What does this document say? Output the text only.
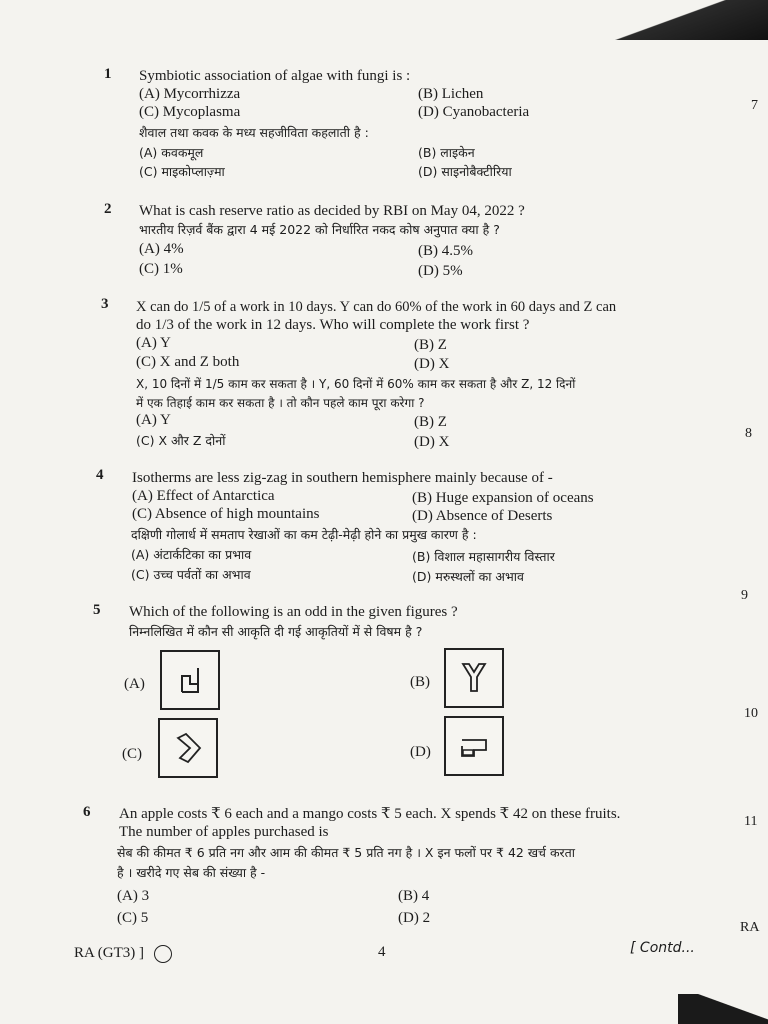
1 Symbiotic association of algae with fungi is :
(A) Mycorrhizza	(B) Lichen
(C) Mycoplasma	(D) Cyanobacteria
शैवाल तथा कवक के मध्य सहजीविता कहलाती है :
(A) कवकमूल	(B) लाइकेन
(C) माइकोप्लाज़्मा	(D) साइनोबैक्टीरिया
2 What is cash reserve ratio as decided by RBI on May 04, 2022 ?
भारतीय रिज़र्व बैंक द्वारा 4 मई 2022 को निर्धारित नकद कोष अनुपात क्या है ?
(A) 4%	(B) 4.5%
(C) 1%	(D) 5%
3 X can do 1/5 of a work in 10 days. Y can do 60% of the work in 60 days and Z can
do 1/3 of the work in 12 days. Who will complete the work first ?
(A) Y	(B) Z
(C) X and Z both	(D) X
X, 10 दिनों में 1/5 काम कर सकता है । Y, 60 दिनों में 60% काम कर सकता है और Z, 12 दिनों
में एक तिहाई काम कर सकता है । तो कौन पहले काम पूरा करेगा ?
(A) Y	(B) Z
(C) X और Z दोनों	(D) X
4 Isotherms are less zig-zag in southern hemisphere mainly because of -
(A) Effect of Antarctica	(B) Huge expansion of oceans
(C) Absence of high mountains	(D) Absence of Deserts
दक्षिणी गोलार्ध में समताप रेखाओं का कम टेढ़ी-मेढ़ी होने का प्रमुख कारण है :
(A) अंटार्कटिका का प्रभाव	(B) विशाल महासागरीय विस्तार
(C) उच्च पर्वतों का अभाव	(D) मरुस्थलों का अभाव
5 Which of the following is an odd in the given figures ?
निम्नलिखित में कौन सी आकृति दी गई आकृतियों में से विषम है ?
(A)	(B)
(C)	(D)
6 An apple costs ₹ 6 each and a mango costs ₹ 5 each. X spends ₹ 42 on these fruits.
The number of apples purchased is
सेब की कीमत ₹ 6 प्रति नग और आम की कीमत ₹ 5 प्रति नग है । X इन फलों पर ₹ 42 खर्च करता
है । खरीदे गए सेब की संख्या है -
(A) 3	(B) 4
(C) 5	(D) 2
7
8
9
10
11
RA
RA (GT3) ]	4	[ Contd...
